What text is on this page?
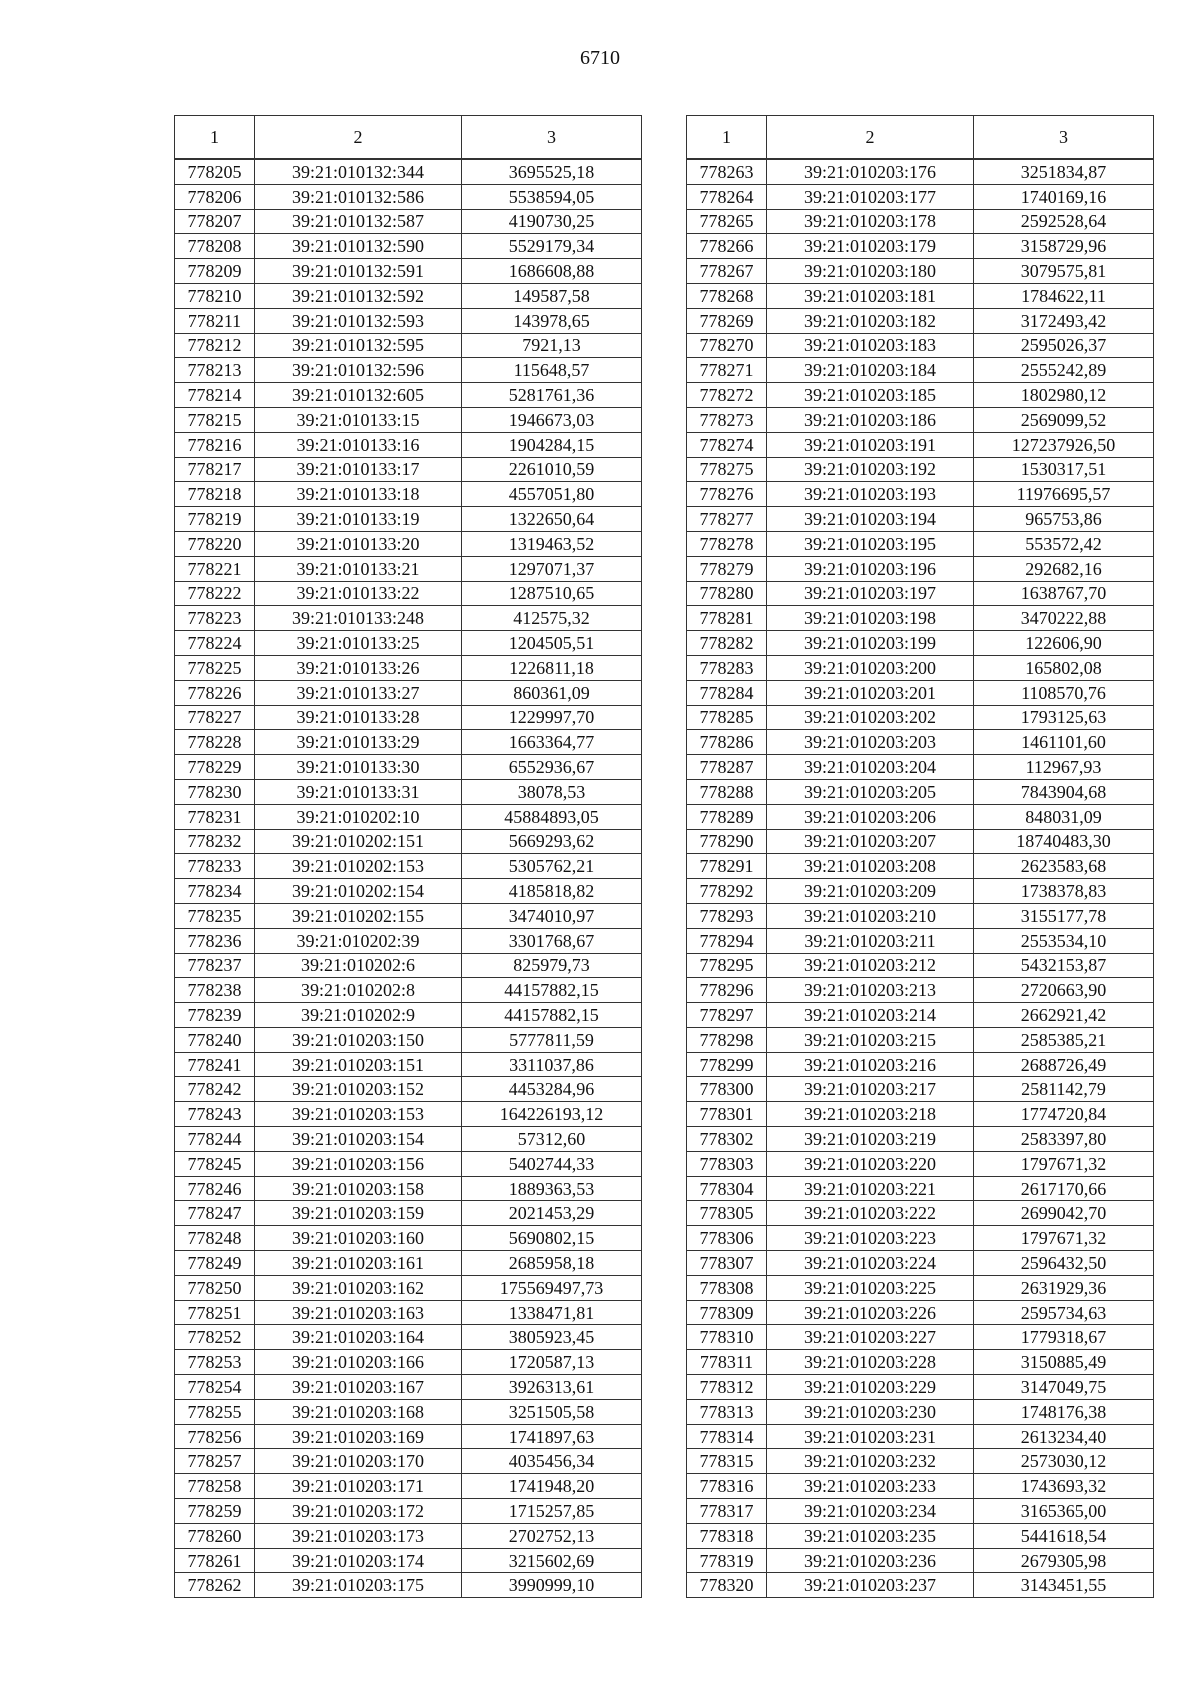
6710
1	2	3
778205	39:21:010132:344	3695525,18
778206	39:21:010132:586	5538594,05
778207	39:21:010132:587	4190730,25
778208	39:21:010132:590	5529179,34
778209	39:21:010132:591	1686608,88
778210	39:21:010132:592	149587,58
778211	39:21:010132:593	143978,65
778212	39:21:010132:595	7921,13
778213	39:21:010132:596	115648,57
778214	39:21:010132:605	5281761,36
778215	39:21:010133:15	1946673,03
778216	39:21:010133:16	1904284,15
778217	39:21:010133:17	2261010,59
778218	39:21:010133:18	4557051,80
778219	39:21:010133:19	1322650,64
778220	39:21:010133:20	1319463,52
778221	39:21:010133:21	1297071,37
778222	39:21:010133:22	1287510,65
778223	39:21:010133:248	412575,32
778224	39:21:010133:25	1204505,51
778225	39:21:010133:26	1226811,18
778226	39:21:010133:27	860361,09
778227	39:21:010133:28	1229997,70
778228	39:21:010133:29	1663364,77
778229	39:21:010133:30	6552936,67
778230	39:21:010133:31	38078,53
778231	39:21:010202:10	45884893,05
778232	39:21:010202:151	5669293,62
778233	39:21:010202:153	5305762,21
778234	39:21:010202:154	4185818,82
778235	39:21:010202:155	3474010,97
778236	39:21:010202:39	3301768,67
778237	39:21:010202:6	825979,73
778238	39:21:010202:8	44157882,15
778239	39:21:010202:9	44157882,15
778240	39:21:010203:150	5777811,59
778241	39:21:010203:151	3311037,86
778242	39:21:010203:152	4453284,96
778243	39:21:010203:153	164226193,12
778244	39:21:010203:154	57312,60
778245	39:21:010203:156	5402744,33
778246	39:21:010203:158	1889363,53
778247	39:21:010203:159	2021453,29
778248	39:21:010203:160	5690802,15
778249	39:21:010203:161	2685958,18
778250	39:21:010203:162	175569497,73
778251	39:21:010203:163	1338471,81
778252	39:21:010203:164	3805923,45
778253	39:21:010203:166	1720587,13
778254	39:21:010203:167	3926313,61
778255	39:21:010203:168	3251505,58
778256	39:21:010203:169	1741897,63
778257	39:21:010203:170	4035456,34
778258	39:21:010203:171	1741948,20
778259	39:21:010203:172	1715257,85
778260	39:21:010203:173	2702752,13
778261	39:21:010203:174	3215602,69
778262	39:21:010203:175	3990999,10
1	2	3
778263	39:21:010203:176	3251834,87
778264	39:21:010203:177	1740169,16
778265	39:21:010203:178	2592528,64
778266	39:21:010203:179	3158729,96
778267	39:21:010203:180	3079575,81
778268	39:21:010203:181	1784622,11
778269	39:21:010203:182	3172493,42
778270	39:21:010203:183	2595026,37
778271	39:21:010203:184	2555242,89
778272	39:21:010203:185	1802980,12
778273	39:21:010203:186	2569099,52
778274	39:21:010203:191	127237926,50
778275	39:21:010203:192	1530317,51
778276	39:21:010203:193	11976695,57
778277	39:21:010203:194	965753,86
778278	39:21:010203:195	553572,42
778279	39:21:010203:196	292682,16
778280	39:21:010203:197	1638767,70
778281	39:21:010203:198	3470222,88
778282	39:21:010203:199	122606,90
778283	39:21:010203:200	165802,08
778284	39:21:010203:201	1108570,76
778285	39:21:010203:202	1793125,63
778286	39:21:010203:203	1461101,60
778287	39:21:010203:204	112967,93
778288	39:21:010203:205	7843904,68
778289	39:21:010203:206	848031,09
778290	39:21:010203:207	18740483,30
778291	39:21:010203:208	2623583,68
778292	39:21:010203:209	1738378,83
778293	39:21:010203:210	3155177,78
778294	39:21:010203:211	2553534,10
778295	39:21:010203:212	5432153,87
778296	39:21:010203:213	2720663,90
778297	39:21:010203:214	2662921,42
778298	39:21:010203:215	2585385,21
778299	39:21:010203:216	2688726,49
778300	39:21:010203:217	2581142,79
778301	39:21:010203:218	1774720,84
778302	39:21:010203:219	2583397,80
778303	39:21:010203:220	1797671,32
778304	39:21:010203:221	2617170,66
778305	39:21:010203:222	2699042,70
778306	39:21:010203:223	1797671,32
778307	39:21:010203:224	2596432,50
778308	39:21:010203:225	2631929,36
778309	39:21:010203:226	2595734,63
778310	39:21:010203:227	1779318,67
778311	39:21:010203:228	3150885,49
778312	39:21:010203:229	3147049,75
778313	39:21:010203:230	1748176,38
778314	39:21:010203:231	2613234,40
778315	39:21:010203:232	2573030,12
778316	39:21:010203:233	1743693,32
778317	39:21:010203:234	3165365,00
778318	39:21:010203:235	5441618,54
778319	39:21:010203:236	2679305,98
778320	39:21:010203:237	3143451,55
